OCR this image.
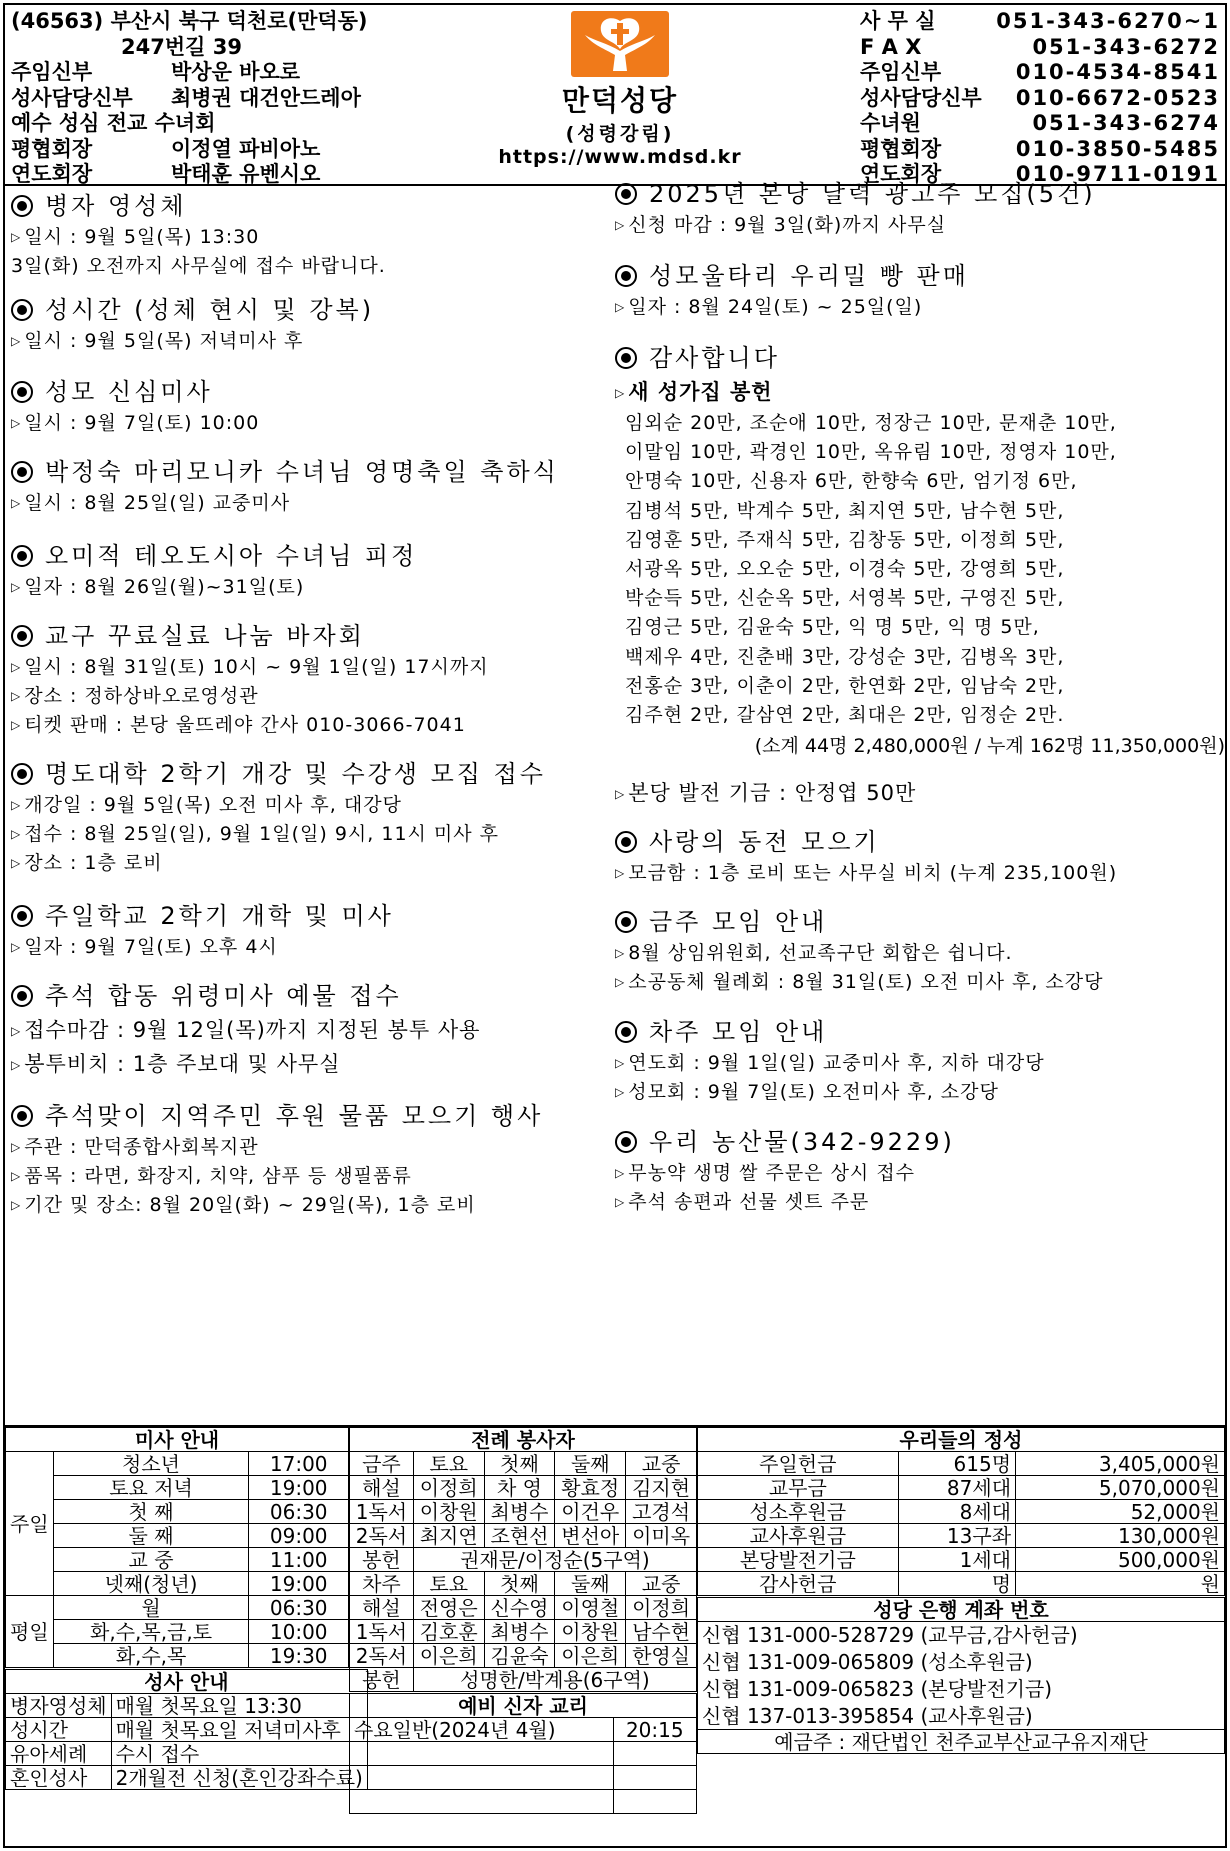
(46563) 부산시 북구 덕천로(만덕동)
247번길 39
주임신부	박상운 바오로
성사담당신부	최병권 대건안드레아
예수 성심 전교 수녀회
평협회장	이정열 파비아노
연도회장	박태훈 유벤시오
만덕성당
(성령강림)
https://www.mdsd.kr
사 무 실	051-343-6270~1
F A X	051-343-6272
주임신부	010-4534-8541
성사담당신부 010-6672-0523
수녀원	051-343-6274
평협회장	010-3850-5485
연도회장	010-9711-0191
병자 영성체
▷ 일시 : 9월 5일(목) 13:30
3일(화) 오전까지 사무실에 접수 바랍니다.
성시간 (성체 현시 및 강복)
▷ 일시 : 9월 5일(목) 저녁미사 후
성모 신심미사
▷ 일시 : 9월 7일(토) 10:00
박정숙 마리모니카 수녀님 영명축일 축하식
▷ 일시 : 8월 25일(일) 교중미사
오미적 테오도시아 수녀님 피정
▷ 일자 : 8월 26일(월)~31일(토)
교구 꾸료실료 나눔 바자회
▷ 일시 : 8월 31일(토) 10시 ~ 9월 1일(일) 17시까지
▷ 장소 : 정하상바오로영성관
▷ 티켓 판매 : 본당 울뜨레야 간사 010-3066-7041
명도대학 2학기 개강 및 수강생 모집 접수
▷ 개강일 : 9월 5일(목) 오전 미사 후, 대강당
▷ 접수 : 8월 25일(일), 9월 1일(일) 9시, 11시 미사 후
▷ 장소 : 1층 로비
주일학교 2학기 개학 및 미사
▷ 일자 : 9월 7일(토) 오후 4시
추석 합동 위령미사 예물 접수
▷ 접수마감 : 9월 12일(목)까지 지정된 봉투 사용
▷ 봉투비치 : 1층 주보대 및 사무실
추석맞이 지역주민 후원 물품 모으기 행사
▷ 주관 : 만덕종합사회복지관
▷ 품목 : 라면, 화장지, 치약, 샴푸 등 생필품류
▷ 기간 및 장소: 8월 20일(화) ~ 29일(목), 1층 로비
2025년 본당 달력 광고주 모집(5건)
▷ 신청 마감 : 9월 3일(화)까지 사무실
성모울타리 우리밀 빵 판매
▷ 일자 : 8월 24일(토) ~ 25일(일)
감사합니다
▷ 새 성가집 봉헌
임외순 20만, 조순애 10만, 정장근 10만, 문재춘 10만,
이말임 10만, 곽경인 10만, 옥유림 10만, 정영자 10만,
안명숙 10만, 신용자 6만, 한향숙 6만, 엄기정 6만,
김병석 5만, 박계수 5만, 최지연 5만, 남수현 5만,
김영훈 5만, 주재식 5만, 김창동 5만, 이정희 5만,
서광옥 5만, 오오순 5만, 이경숙 5만, 강영희 5만,
박순득 5만, 신순옥 5만, 서영복 5만, 구영진 5만,
김영근 5만, 김윤숙 5만, 익 명 5만, 익 명 5만,
백제우 4만, 진춘배 3만, 강성순 3만, 김병옥 3만,
전홍순 3만, 이춘이 2만, 한연화 2만, 임남숙 2만,
김주현 2만, 갈삼연 2만, 최대은 2만, 임정순 2만.
(소계 44명 2,480,000원 / 누계 162명 11,350,000원)
▷ 본당 발전 기금 : 안정엽 50만
사랑의 동전 모으기
▷ 모금함 : 1층 로비 또는 사무실 비치 (누계 235,100원)
금주 모임 안내
▷ 8월 상임위원회, 선교족구단 회합은 쉽니다.
▷ 소공동체 월례회 : 8월 31일(토) 오전 미사 후, 소강당
차주 모임 안내
▷ 연도회 : 9월 1일(일) 교중미사 후, 지하 대강당
▷ 성모회 : 9월 7일(토) 오전미사 후, 소강당
우리 농산물(342-9229)
▷ 무농약 생명 쌀 주문은 상시 접수
▷ 추석 송편과 선물 셋트 주문
미사 안내		
주일	청소년	17:00
	토요 저녁	19:00
	첫 째	06:30
	둘 째	09:00
	교 중	11:00
	넷째(청년)	19:00
평일	월	06:30
	화,수,목,금,토	10:00
	화,수,목	19:30
성사 안내	
병자영성체	매월 첫목요일 13:30
성시간	매월 첫목요일 저녁미사후
유아세례	수시 접수
혼인성사	2개월전 신청(혼인강좌수료)
전례 봉사자				
금주	토요	첫째	둘째	교중
해설	이정희	차 영	황효정	김지현
1독서	이창원	최병수	이건우	고경석
2독서	최지연	조현선	변선아	이미옥
봉헌	권재문/이정순(5구역)			
차주	토요	첫째	둘째	교중
해설	전영은	신수영	이영철	이정희
1독서	김호훈	최병수	이창원	남수현
2독서	이은희	김윤숙	이은희	한영실
봉헌	성명한/박계용(6구역)			
예비 신자 교리	
수요일반(2024년 4월)	20:15

우리들의 정성		
주일헌금	615명	3,405,000원
교무금	87세대	5,070,000원
성소후원금	8세대	52,000원
교사후원금	13구좌	130,000원
본당발전기금	1세대	500,000원
감사헌금	명	원
성당 은행 계좌 번호
신협 131-000-528729 (교무금,감사헌금)
신협 131-009-065809 (성소후원금)
신협 131-009-065823 (본당발전기금)
신협 137-013-395854 (교사후원금)
예금주 : 재단법인 천주교부산교구유지재단
